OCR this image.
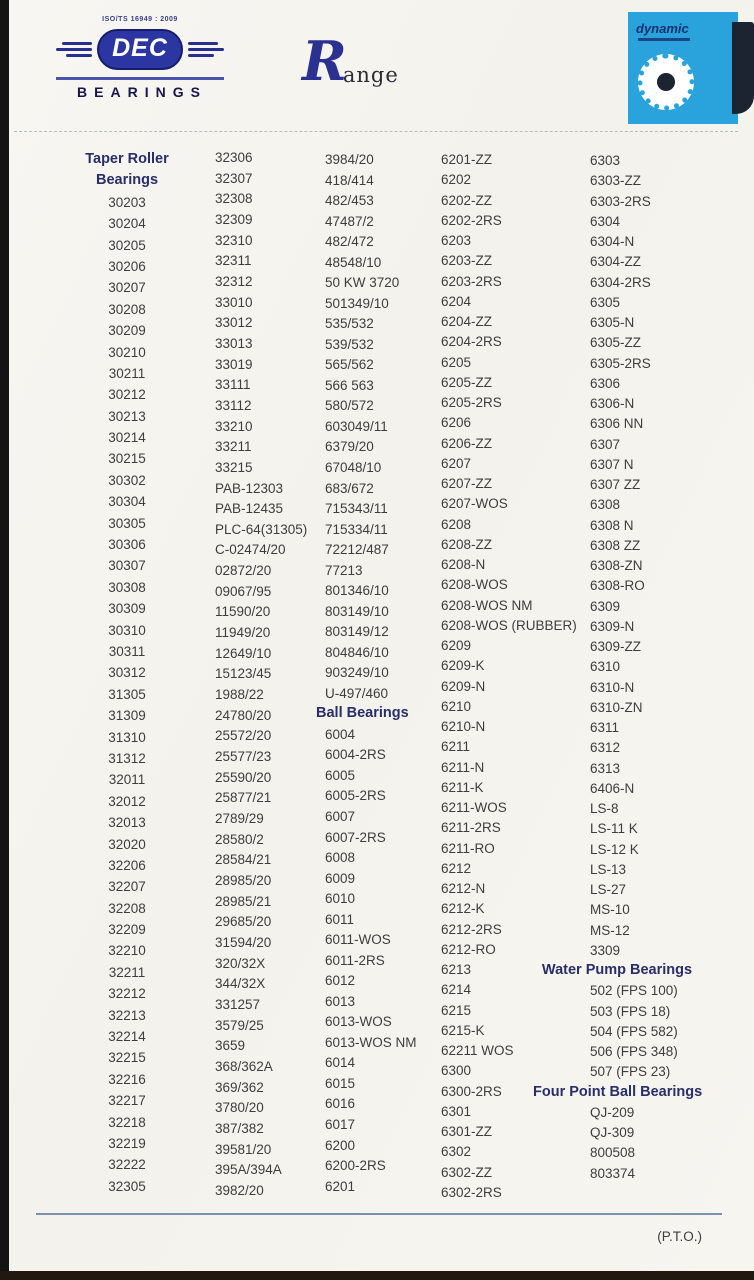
ISO/TS 16949 : 2009
DEC
BEARINGS	R
ange
dynamic
Taper Roller
Bearings
30203
30204
30205
30206
30207
30208
30209
30210
30211
30212
30213
30214
30215
30302
30304
30305
30306
30307
30308
30309
30310
30311
30312
31305
31309
31310
31312
32011
32012
32013
32020
32206
32207
32208
32209
32210
32211
32212
32213
32214
32215
32216
32217
32218
32219
32222
32305
32306
32307
32308
32309
32310
32311
32312
33010
33012
33013
33019
33111
33112
33210
33211
33215
PAB-12303
PAB-12435
PLC-64(31305)
C-02474/20
02872/20
09067/95
11590/20
11949/20
12649/10
15123/45
1988/22
24780/20
25572/20
25577/23
25590/20
25877/21
2789/29
28580/2
28584/21
28985/20
28985/21
29685/20
31594/20
320/32X
344/32X
331257
3579/25
3659
368/362A
369/362
3780/20
387/382
39581/20
395A/394A
3982/20
3984/20
418/414
482/453
47487/2
482/472
48548/10
50 KW 3720
501349/10
535/532
539/532
565/562
566 563
580/572
603049/11
6379/20
67048/10
683/672
715343/11
715334/11
72212/487
77213
801346/10
803149/10
803149/12
804846/10
903249/10
U-497/460
Ball Bearings
6004
6004-2RS
6005
6005-2RS
6007
6007-2RS
6008
6009
6010
6011
6011-WOS
6011-2RS
6012
6013
6013-WOS
6013-WOS NM
6014
6015
6016
6017
6200
6200-2RS
6201
6201-ZZ
6202
6202-ZZ
6202-2RS
6203
6203-ZZ
6203-2RS
6204
6204-ZZ
6204-2RS
6205
6205-ZZ
6205-2RS
6206
6206-ZZ
6207
6207-ZZ
6207-WOS
6208
6208-ZZ
6208-N
6208-WOS
6208-WOS NM
6208-WOS (RUBBER)
6209
6209-K
6209-N
6210
6210-N
6211
6211-N
6211-K
6211-WOS
6211-2RS
6211-RO
6212
6212-N
6212-K
6212-2RS
6212-RO
6213
6214
6215
6215-K
62211 WOS
6300
6300-2RS
6301
6301-ZZ
6302
6302-ZZ
6302-2RS
6303
6303-ZZ
6303-2RS
6304
6304-N
6304-ZZ
6304-2RS
6305
6305-N
6305-ZZ
6305-2RS
6306
6306-N
6306 NN
6307
6307 N
6307 ZZ
6308
6308 N
6308 ZZ
6308-ZN
6308-RO
6309
6309-N
6309-ZZ
6310
6310-N
6310-ZN
6311
6312
6313
6406-N
LS-8
LS-11 K
LS-12 K
LS-13
LS-27
MS-10
MS-12
3309
Water Pump Bearings
502 (FPS 100)
503 (FPS 18)
504 (FPS 582)
506 (FPS 348)
507 (FPS 23)
Four Point Ball Bearings
QJ-209
QJ-309
800508
803374
(P.T.O.)
